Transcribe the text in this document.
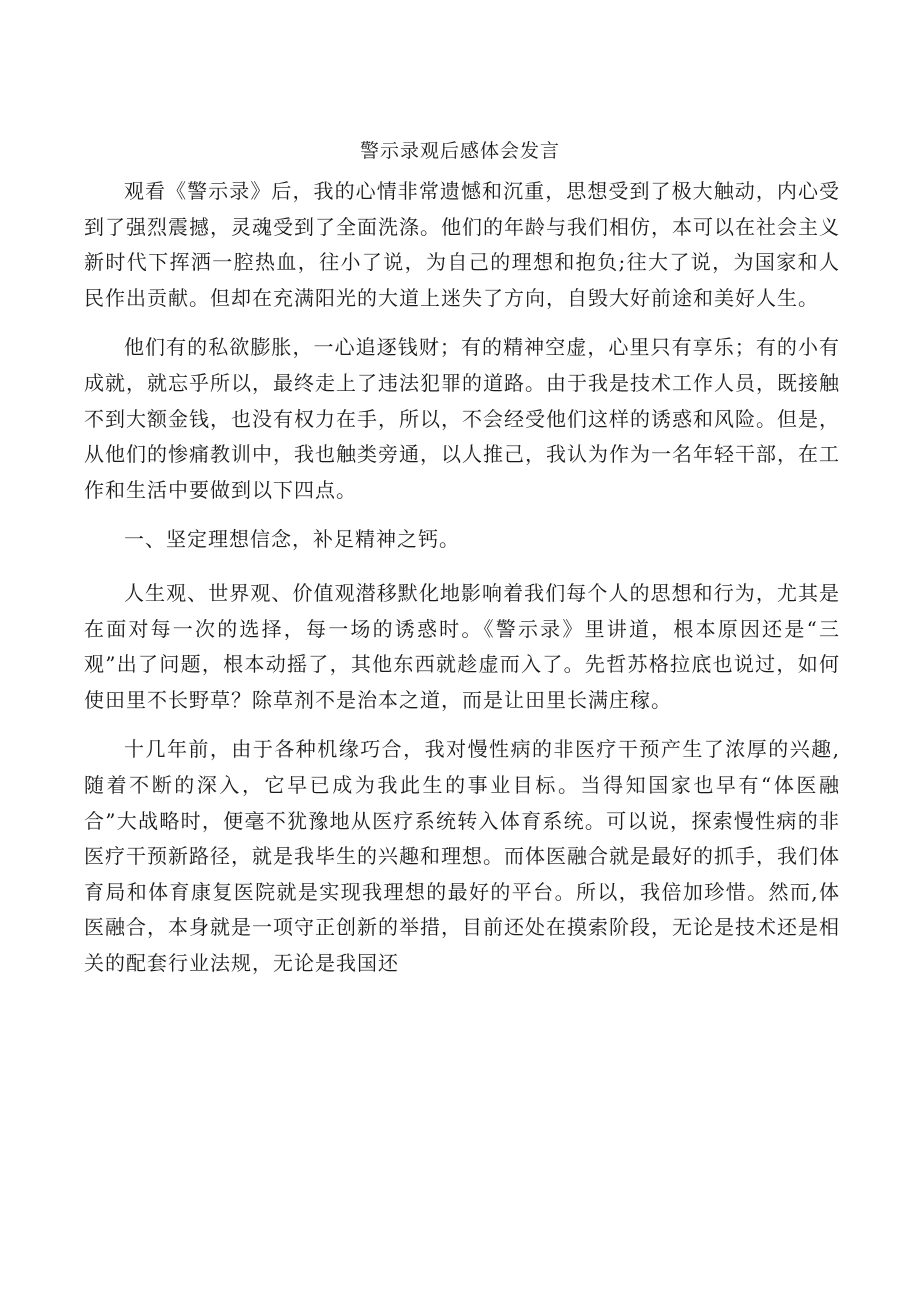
警示录观后感体会发言

观看《警示录》后，我的心情非常遗憾和沉重，思想受到了极大触动，内心受到了强烈震撼，灵魂受到了全面洗涤。他们的年龄与我们相仿，本可以在社会主义新时代下挥洒一腔热血，往小了说，为自己的理想和抱负;往大了说，为国家和人民作出贡献。但却在充满阳光的大道上迷失了方向，自毁大好前途和美好人生。

他们有的私欲膨胀，一心追逐钱财；有的精神空虚，心里只有享乐；有的小有成就，就忘乎所以，最终走上了违法犯罪的道路。由于我是技术工作人员，既接触不到大额金钱，也没有权力在手，所以，不会经受他们这样的诱惑和风险。但是，从他们的惨痛教训中，我也触类旁通，以人推己，我认为作为一名年轻干部，在工作和生活中要做到以下四点。

一、坚定理想信念，补足精神之钙。

人生观、世界观、价值观潜移默化地影响着我们每个人的思想和行为，尤其是在面对每一次的选择，每一场的诱惑时。《警示录》里讲道，根本原因还是“三观”出了问题，根本动摇了，其他东西就趁虚而入了。先哲苏格拉底也说过，如何使田里不长野草？除草剂不是治本之道，而是让田里长满庄稼。

十几年前，由于各种机缘巧合，我对慢性病的非医疗干预产生了浓厚的兴趣,随着不断的深入，它早已成为我此生的事业目标。当得知国家也早有“体医融合”大战略时，便毫不犹豫地从医疗系统转入体育系统。可以说，探索慢性病的非医疗干预新路径，就是我毕生的兴趣和理想。而体医融合就是最好的抓手，我们体育局和体育康复医院就是实现我理想的最好的平台。所以，我倍加珍惜。然而,体医融合，本身就是一项守正创新的举措，目前还处在摸索阶段，无论是技术还是相关的配套行业法规，无论是我国还
